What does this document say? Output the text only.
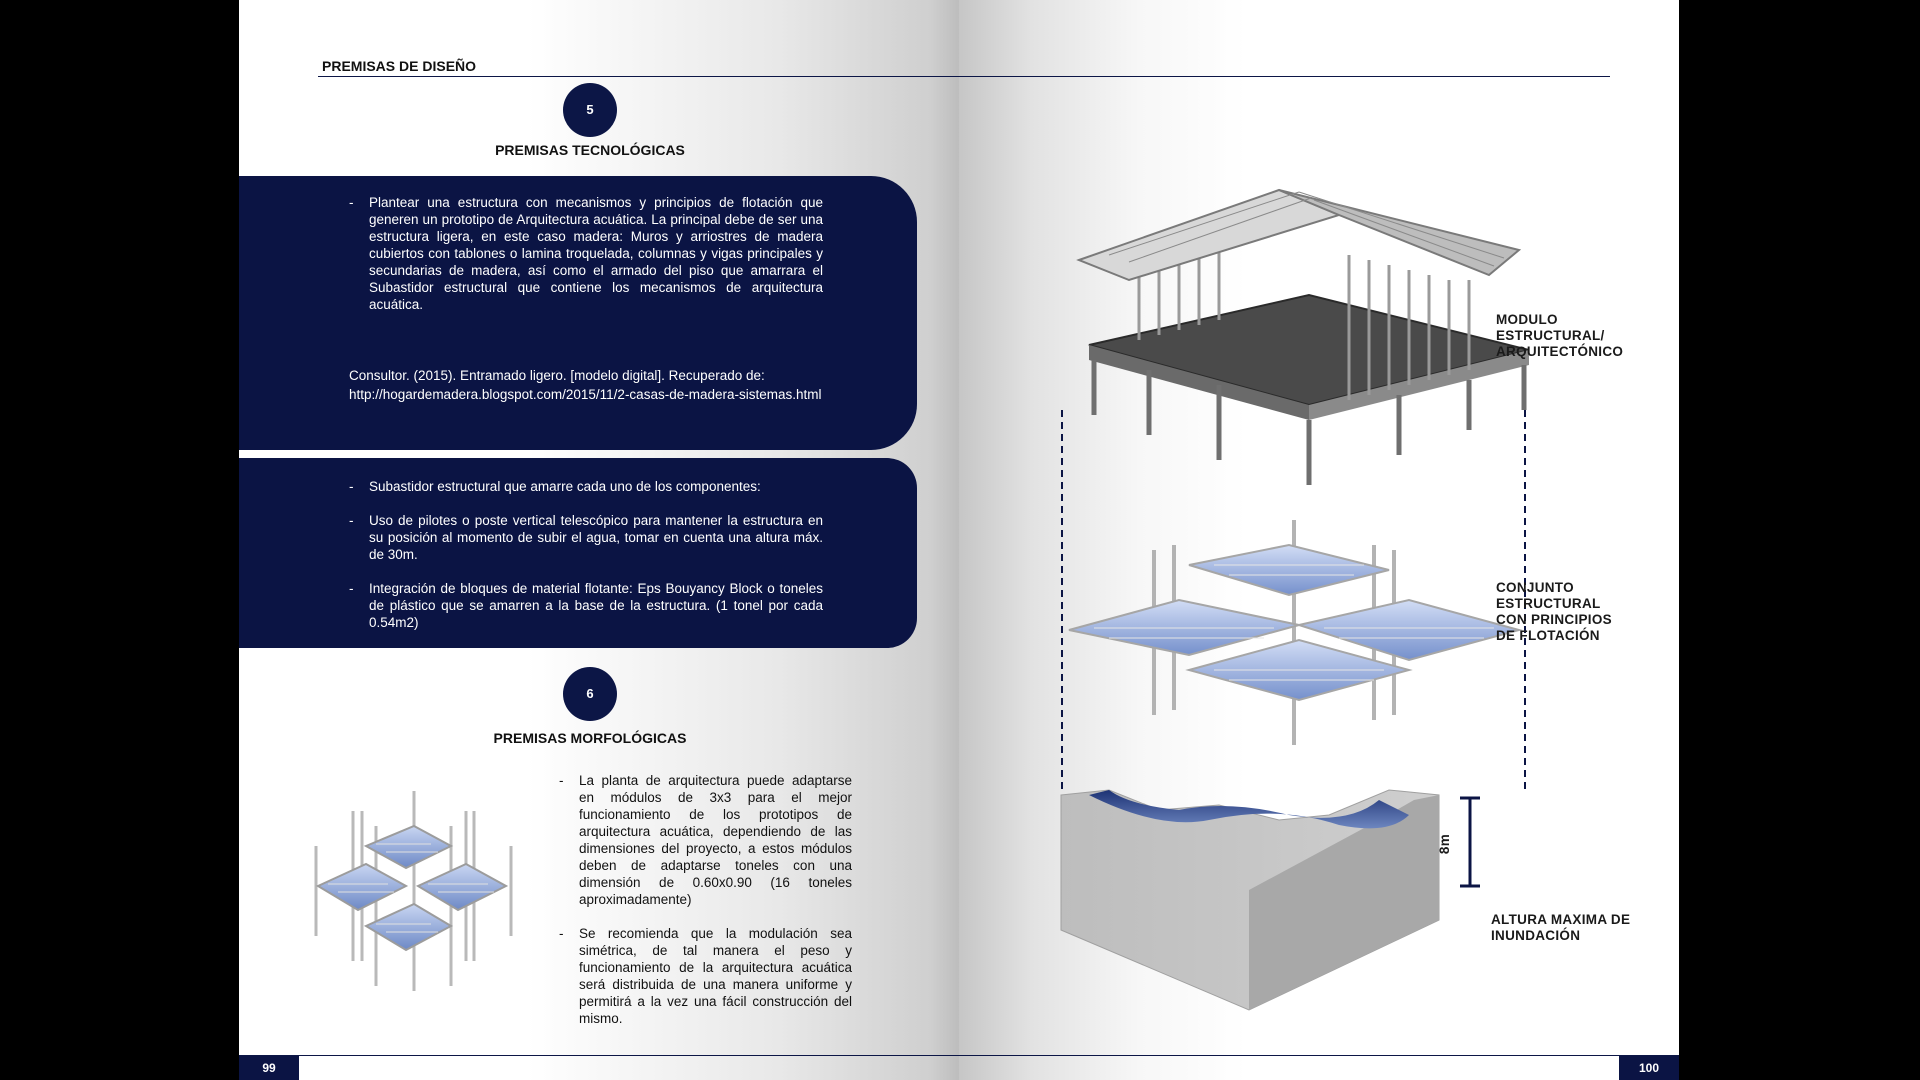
PREMISAS DE DISEÑO
5
PREMISAS TECNOLÓGICAS
- Plantear una estructura con mecanismos y principios de flotación que generen un prototipo de Arquitectura acuática. La principal debe de ser una estructura ligera, en este caso madera: Muros y arriostres de madera cubiertos con tablones o lamina troquelada, columnas y vigas principales y secundarias de madera, así como el armado del piso que amarrara el Subastidor estructural que contiene los mecanismos de arquitectura acuática.
Consultor. (2015). Entramado ligero. [modelo digital]. Recuperado de:
http://hogardemadera.blogspot.com/2015/11/2-casas-de-madera-sistemas.html
- Subastidor estructural que amarre cada uno de los componentes:
- Uso de pilotes o poste vertical telescópico para mantener la estructura en su posición al momento de subir el agua, tomar en cuenta una altura máx. de 30m.
- Integración de bloques de material flotante: Eps Bouyancy Block o toneles de plástico que se amarren a la base de la estructura. (1 tonel por cada 0.54m2)
6
PREMISAS MORFOLÓGICAS
- La planta de arquitectura puede adaptarse en módulos de 3x3 para el mejor funcionamiento de los prototipos de arquitectura acuática, dependiendo de las dimensiones del proyecto, a estos módulos deben de adaptarse toneles con una dimensión de 0.60x0.90 (16 toneles aproximadamente)
- Se recomienda que la modulación sea simétrica, de tal manera el peso y funcionamiento de la arquitectura acuática será distribuida de una manera uniforme y permitirá a la vez una fácil construcción del mismo.
99
8m
MODULO
ESTRUCTURAL/
ARQUITECTÓNICO
CONJUNTO
ESTRUCTURAL
CON PRINCIPIOS
DE FLOTACIÓN
ALTURA MAXIMA DE
INUNDACIÓN
100
